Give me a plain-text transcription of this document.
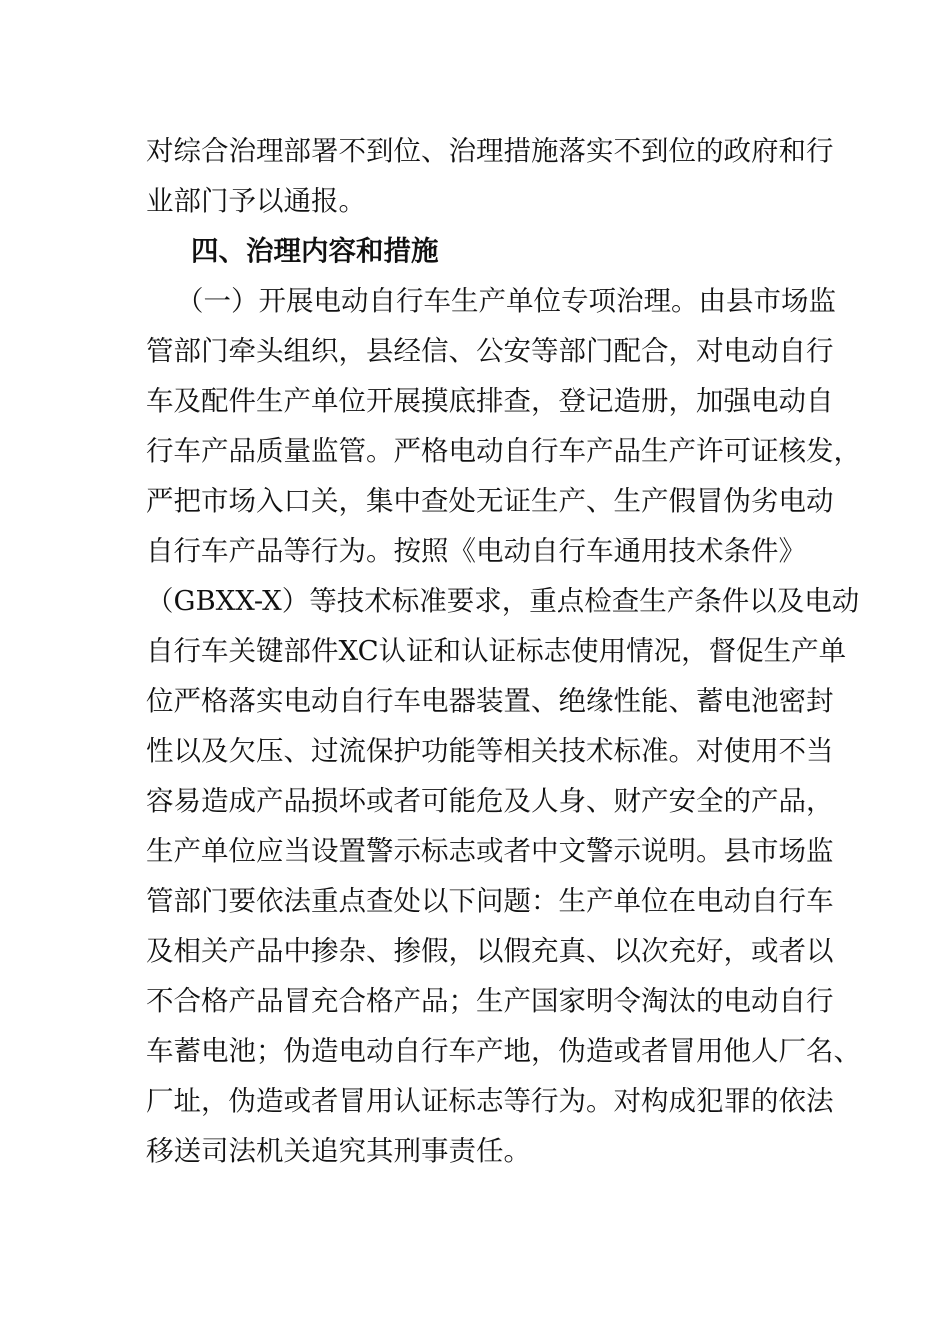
对综合治理部署不到位、治理措施落实不到位的政府和行
业部门予以通报。
四、治理内容和措施
（一）开展电动自行车生产单位专项治理。由县市场监
管部门牵头组织，县经信、公安等部门配合，对电动自行
车及配件生产单位开展摸底排查，登记造册，加强电动自
行车产品质量监管。严格电动自行车产品生产许可证核发，
严把市场入口关，集中查处无证生产、生产假冒伪劣电动
自行车产品等行为。按照《电动自行车通用技术条件》
（GBXX-X）等技术标准要求，重点检查生产条件以及电动
自行车关键部件XC认证和认证标志使用情况，督促生产单
位严格落实电动自行车电器装置、绝缘性能、蓄电池密封
性以及欠压、过流保护功能等相关技术标准。对使用不当
容易造成产品损坏或者可能危及人身、财产安全的产品，
生产单位应当设置警示标志或者中文警示说明。县市场监
管部门要依法重点查处以下问题：生产单位在电动自行车
及相关产品中掺杂、掺假，以假充真、以次充好，或者以
不合格产品冒充合格产品；生产国家明令淘汰的电动自行
车蓄电池；伪造电动自行车产地，伪造或者冒用他人厂名、
厂址，伪造或者冒用认证标志等行为。对构成犯罪的依法
移送司法机关追究其刑事责任。
